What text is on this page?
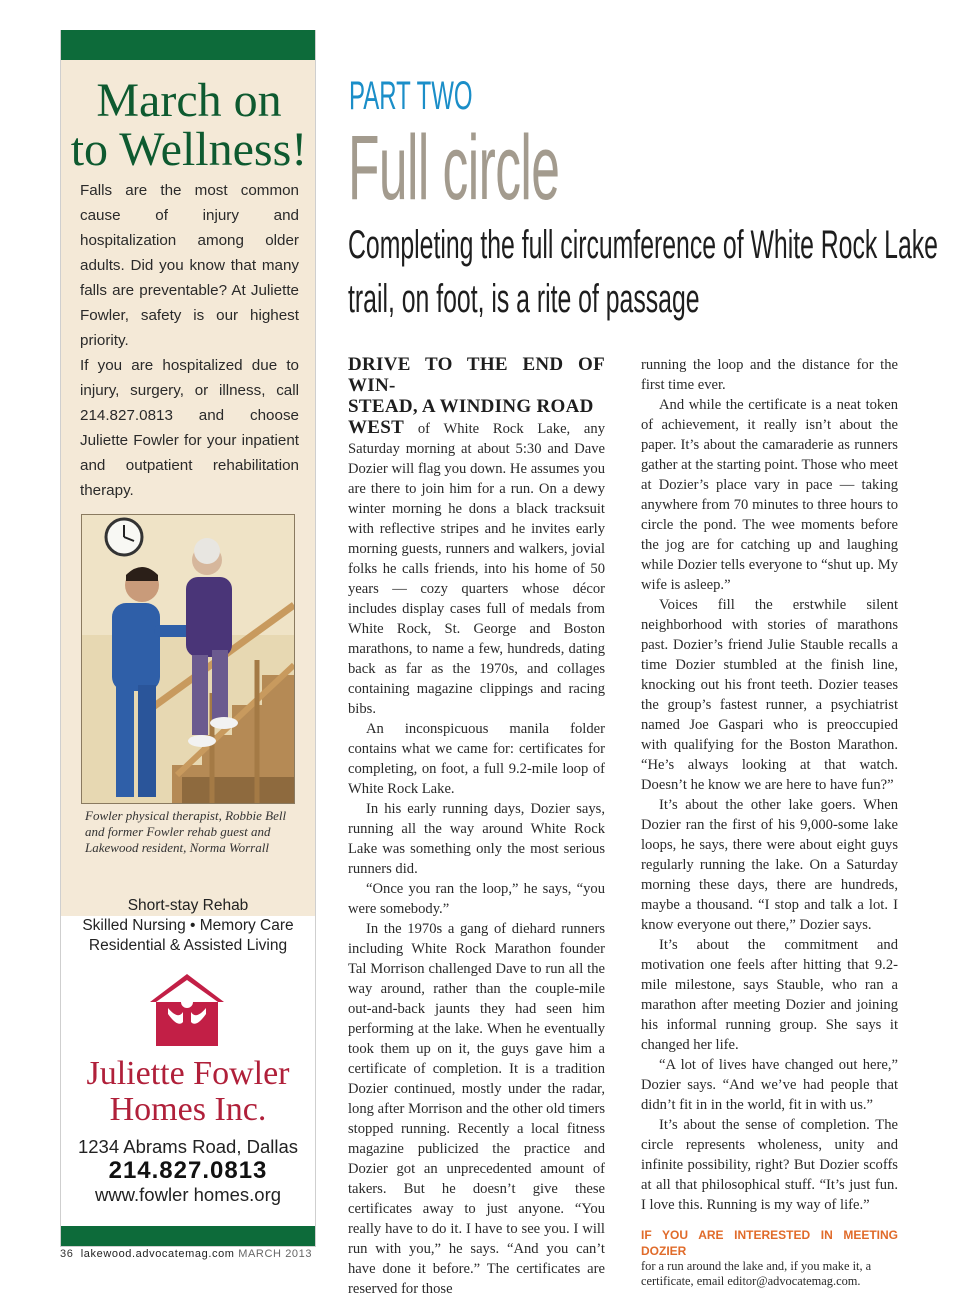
March on
to Wellness!

Falls are the most common cause of injury and hospitalization among older adults. Did you know that many falls are preventable? At Juliette Fowler, safety is our highest priority.

If you are hospitalized due to injury, surgery, or illness, call 214.827.0813 and choose Juliette Fowler for your inpatient and outpatient rehabilitation therapy.

Fowler physical therapist, Robbie Bell and former Fowler rehab guest and Lakewood resident, Norma Worrall

Short-stay Rehab
Skilled Nursing • Memory Care
Residential & Assisted Living
Juliette Fowler
Homes Inc.
1234 Abrams Road, Dallas
214.827.0813
www.fowler homes.org
PART TWO
Full circle
Completing the full circumference of White Rock Lake
trail, on foot, is a rite of passage

DRIVE TO THE END OF WIN-
STEAD, A WINDING ROAD
WEST of White Rock Lake, any Saturday morning at about 5:30 and Dave Dozier will flag you down. He assumes you are there to join him for a run. On a dewy winter morning he dons a black tracksuit with reflective stripes and he invites early morning guests, runners and walkers, jovial folks he calls friends, into his home of 50 years — cozy quarters whose décor includes display cases full of medals from White Rock, St. George and Boston marathons, to name a few, hundreds, dating back as far as the 1970s, and collages containing magazine clippings and racing bibs.

An inconspicuous manila folder contains what we came for: certificates for completing, on foot, a full 9.2-mile loop of White Rock Lake.

In his early running days, Dozier says, running all the way around White Rock Lake was something only the most serious runners did.

“Once you ran the loop,” he says, “you were somebody.”

In the 1970s a gang of diehard runners including White Rock Marathon founder Tal Morrison challenged Dave to run all the way around, rather than the couple-mile out-and-back jaunts they had seen him performing at the lake. When he eventually took them up on it, the guys gave him a certificate of completion. It is a tradition Dozier continued, mostly under the radar, long after Morrison and the other old timers stopped running. Recently a local fitness magazine publicized the practice and Dozier got an unprecedented amount of takers. But he doesn’t give these certificates away to just anyone. “You really have to do it. I have to see you. I will run with you,” he says. “And you can’t have done it before.” The certificates are reserved for those

running the loop and the distance for the first time ever.

And while the certificate is a neat token of achievement, it really isn’t about the paper. It’s about the camaraderie as runners gather at the starting point. Those who meet at Dozier’s place vary in pace — taking anywhere from 70 minutes to three hours to circle the pond. The wee moments before the jog are for catching up and laughing while Dozier tells everyone to “shut up. My wife is asleep.”

Voices fill the erstwhile silent neighborhood with stories of marathons past. Dozier’s friend Julie Stauble recalls a time Dozier stumbled at the finish line, knocking out his front teeth. Dozier teases the group’s fastest runner, a psychiatrist named Joe Gaspari who is preoccupied with qualifying for the Boston Marathon. “He’s always looking at that watch. Doesn’t he know we are here to have fun?”

It’s about the other lake goers. When Dozier ran the first of his 9,000-some lake loops, he says, there were about eight guys regularly running the lake. On a Saturday morning these days, there are hundreds, maybe a thousand. “I stop and talk a lot. I know everyone out there,” Dozier says.

It’s about the commitment and motivation one feels after hitting that 9.2-mile milestone, says Stauble, who ran a marathon after meeting Dozier and joining his informal running group. She says it changed her life.

“A lot of lives have changed out here,” Dozier says. “And we’ve had people that didn’t fit in in the world, fit in with us.”

It’s about the sense of completion. The circle represents wholeness, unity and infinite possibility, right? But Dozier scoffs at all that philosophical stuff. “It’s just fun. I love this. Running is my way of life.”

IF YOU ARE INTERESTED IN MEETING DOZIER

for a run around the lake and, if you make it, a certificate, email editor@advocatemag.com.

36 lakewood.advocatemag.com MARCH 2013
